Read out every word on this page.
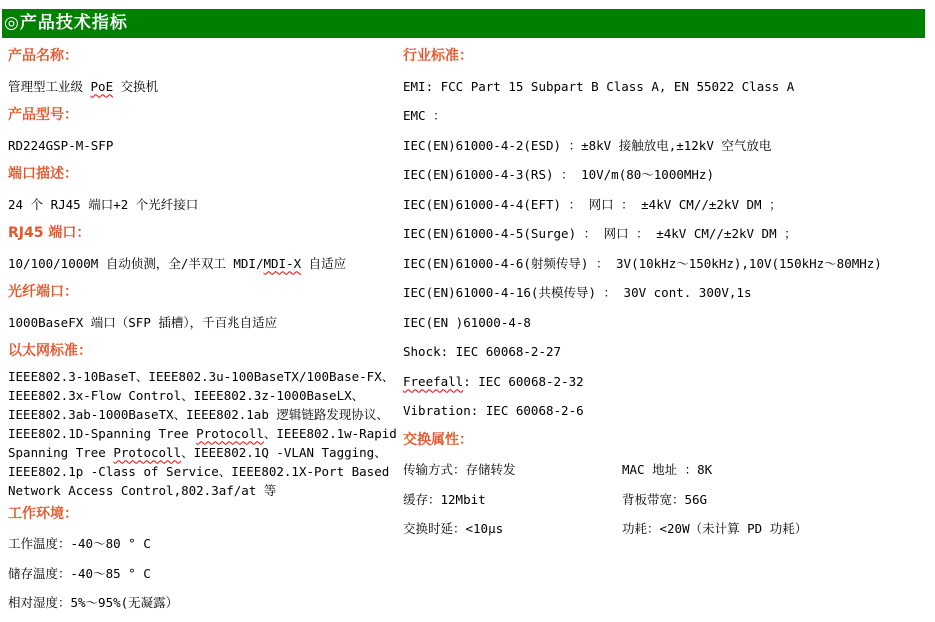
◎产品技术指标

产品名称：

管理型工业级 PoE 交换机

产品型号：

RD224GSP-M-SFP

端口描述：

24 个 RJ45 端口+2 个光纤接口

RJ45 端口：

10/100/1000M 自动侦测，全/半双工 MDI/MDI-X 自适应

光纤端口：

1000BaseFX 端口（SFP 插槽），千百兆自适应

以太网标准：

IEEE802.3-10BaseT、IEEE802.3u-100BaseTX/100Base-FX、

IEEE802.3x-Flow Control、IEEE802.3z-1000BaseLX、

IEEE802.3ab-1000BaseTX、IEEE802.1ab 逻辑链路发现协议、

IEEE802.1D-Spanning Tree Protocoll、IEEE802.1w-Rapid

Spanning Tree Protocoll、IEEE802.1Q -VLAN Tagging、

IEEE802.1p -Class of Service、IEEE802.1X-Port Based

Network Access Control,802.3af/at 等

工作环境：

工作温度：-40～80 ° C

储存温度：-40～85 ° C

相对湿度：5%～95%(无凝露）

行业标准：

EMI: FCC Part 15 Subpart B Class A, EN 55022 Class A

EMC ：

IEC(EN)61000-4-2(ESD) ：±8kV 接触放电,±12kV 空气放电

IEC(EN)61000-4-3(RS) ： 10V/m(80～1000MHz)

IEC(EN)61000-4-4(EFT) ： 网口 ： ±4kV CM//±2kV DM ；

IEC(EN)61000-4-5(Surge) ： 网口 ： ±4kV CM//±2kV DM ；

IEC(EN)61000-4-6(射频传导) ： 3V(10kHz～150kHz),10V(150kHz～80MHz)

IEC(EN)61000-4-16(共模传导) ： 30V cont. 300V,1s

IEC(EN )61000-4-8

Shock: IEC 60068-2-27

Freefall: IEC 60068-2-32

Vibration: IEC 60068-2-6

交换属性：

传输方式：存储转发	MAC 地址 ：8K
缓存：12Mbit	背板带宽：56G
交换时延：<10μs	功耗：<20W（未计算 PD 功耗）
